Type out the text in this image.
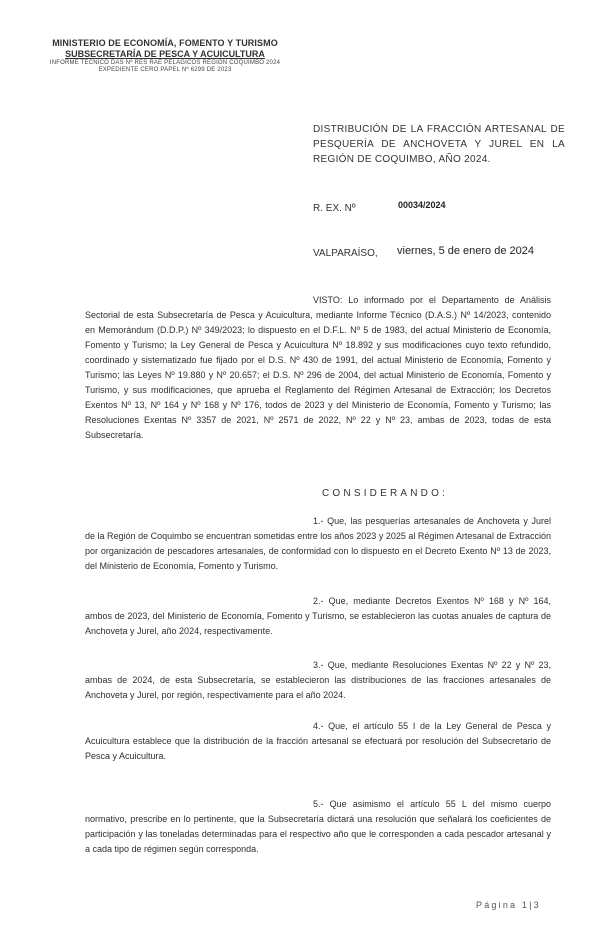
MINISTERIO DE ECONOMÍA, FOMENTO Y TURISMO
SUBSECRETARÍA DE PESCA Y ACUICULTURA
INFORME TÉCNICO DAS Nº RES RAE PELÁGICOS REGIÓN COQUIMBO 2024
EXPEDIENTE CERO PAPEL Nº 6299 DE 2023
DISTRIBUCIÓN DE LA FRACCIÓN ARTESANAL DE PESQUERÍA DE ANCHOVETA Y JUREL EN LA REGIÓN DE COQUIMBO, AÑO 2024.
R. EX. Nº	00034/2024
VALPARAÍSO, viernes, 5 de enero de 2024

VISTO: Lo informado por el Departamento de Análisis Sectorial de esta Subsecretaría de Pesca y Acuicultura, mediante Informe Técnico (D.A.S.) Nº 14/2023, contenido en Memorándum (D.D.P.) Nº 349/2023; lo dispuesto en el D.F.L. Nº 5 de 1983, del actual Ministerio de Economía, Fomento y Turismo; la Ley General de Pesca y Acuicultura Nº 18.892 y sus modificaciones cuyo texto refundido, coordinado y sistematizado fue fijado por el D.S. Nº 430 de 1991, del actual Ministerio de Economía, Fomento y Turismo; las Leyes Nº 19.880 y Nº 20.657; el D.S. Nº 296 de 2004, del actual Ministerio de Economía, Fomento y Turismo, y sus modificaciones, que aprueba el Reglamento del Régimen Artesanal de Extracción; los Decretos Exentos Nº 13, Nº 164 y Nº 168 y Nº 176, todos de 2023 y del Ministerio de Economía, Fomento y Turismo; las Resoluciones Exentas Nº 3357 de 2021, Nº 2571 de 2022, Nº 22 y Nº 23, ambas de 2023, todas de esta Subsecretaría.

CONSIDERANDO:

1.- Que, las pesquerías artesanales de Anchoveta y Jurel de la Región de Coquimbo se encuentran sometidas entre los años 2023 y 2025 al Régimen Artesanal de Extracción por organización de pescadores artesanales, de conformidad con lo dispuesto en el Decreto Exento Nº 13 de 2023, del Ministerio de Economía, Fomento y Turismo.

2.- Que, mediante Decretos Exentos Nº 168 y Nº 164, ambos de 2023, del Ministerio de Economía, Fomento y Turismo, se establecieron las cuotas anuales de captura de Anchoveta y Jurel, año 2024, respectivamente.

3.- Que, mediante Resoluciones Exentas Nº 22 y Nº 23, ambas de 2024, de esta Subsecretaría, se establecieron las distribuciones de las fracciones artesanales de Anchoveta y Jurel, por región, respectivamente para el año 2024.

4.- Que, el artículo 55 I de la Ley General de Pesca y Acuicultura establece que la distribución de la fracción artesanal se efectuará por resolución del Subsecretario de Pesca y Acuicultura.

5.- Que asimismo el artículo 55 L del mismo cuerpo normativo, prescribe en lo pertinente, que la Subsecretaría dictará una resolución que señalará los coeficientes de participación y las toneladas determinadas para el respectivo año que le corresponden a cada pescador artesanal y a cada tipo de régimen según corresponda.

Página 1|3
